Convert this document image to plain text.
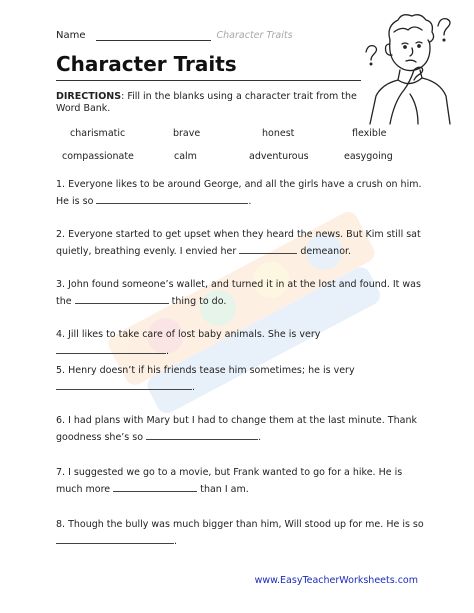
Name	Character Traits
Character Traits
DIRECTIONS: Fill in the blanks using a character trait from the Word Bank.
charismatic	brave	honest	flexible
compassionate	calm	adventurous	easygoing
1. Everyone likes to be around George, and all the girls have a crush on him. He is so	.
2. Everyone started to get upset when they heard the news. But Kim still sat quietly, breathing evenly. I envied her	demeanor.
3. John found someone’s wallet, and turned it in at the lost and found. It was the	thing to do.
4. Jill likes to take care of lost baby animals. She is very .
5. Henry doesn’t if his friends tease him sometimes; he is very .
6. I had plans with Mary but I had to change them at the last minute. Thank goodness she’s so	.
7. I suggested we go to a movie, but Frank wanted to go for a hike. He is much more	than I am.
8. Though the bully was much bigger than him, Will stood up for me. He is so .
www.EasyTeacherWorksheets.com
